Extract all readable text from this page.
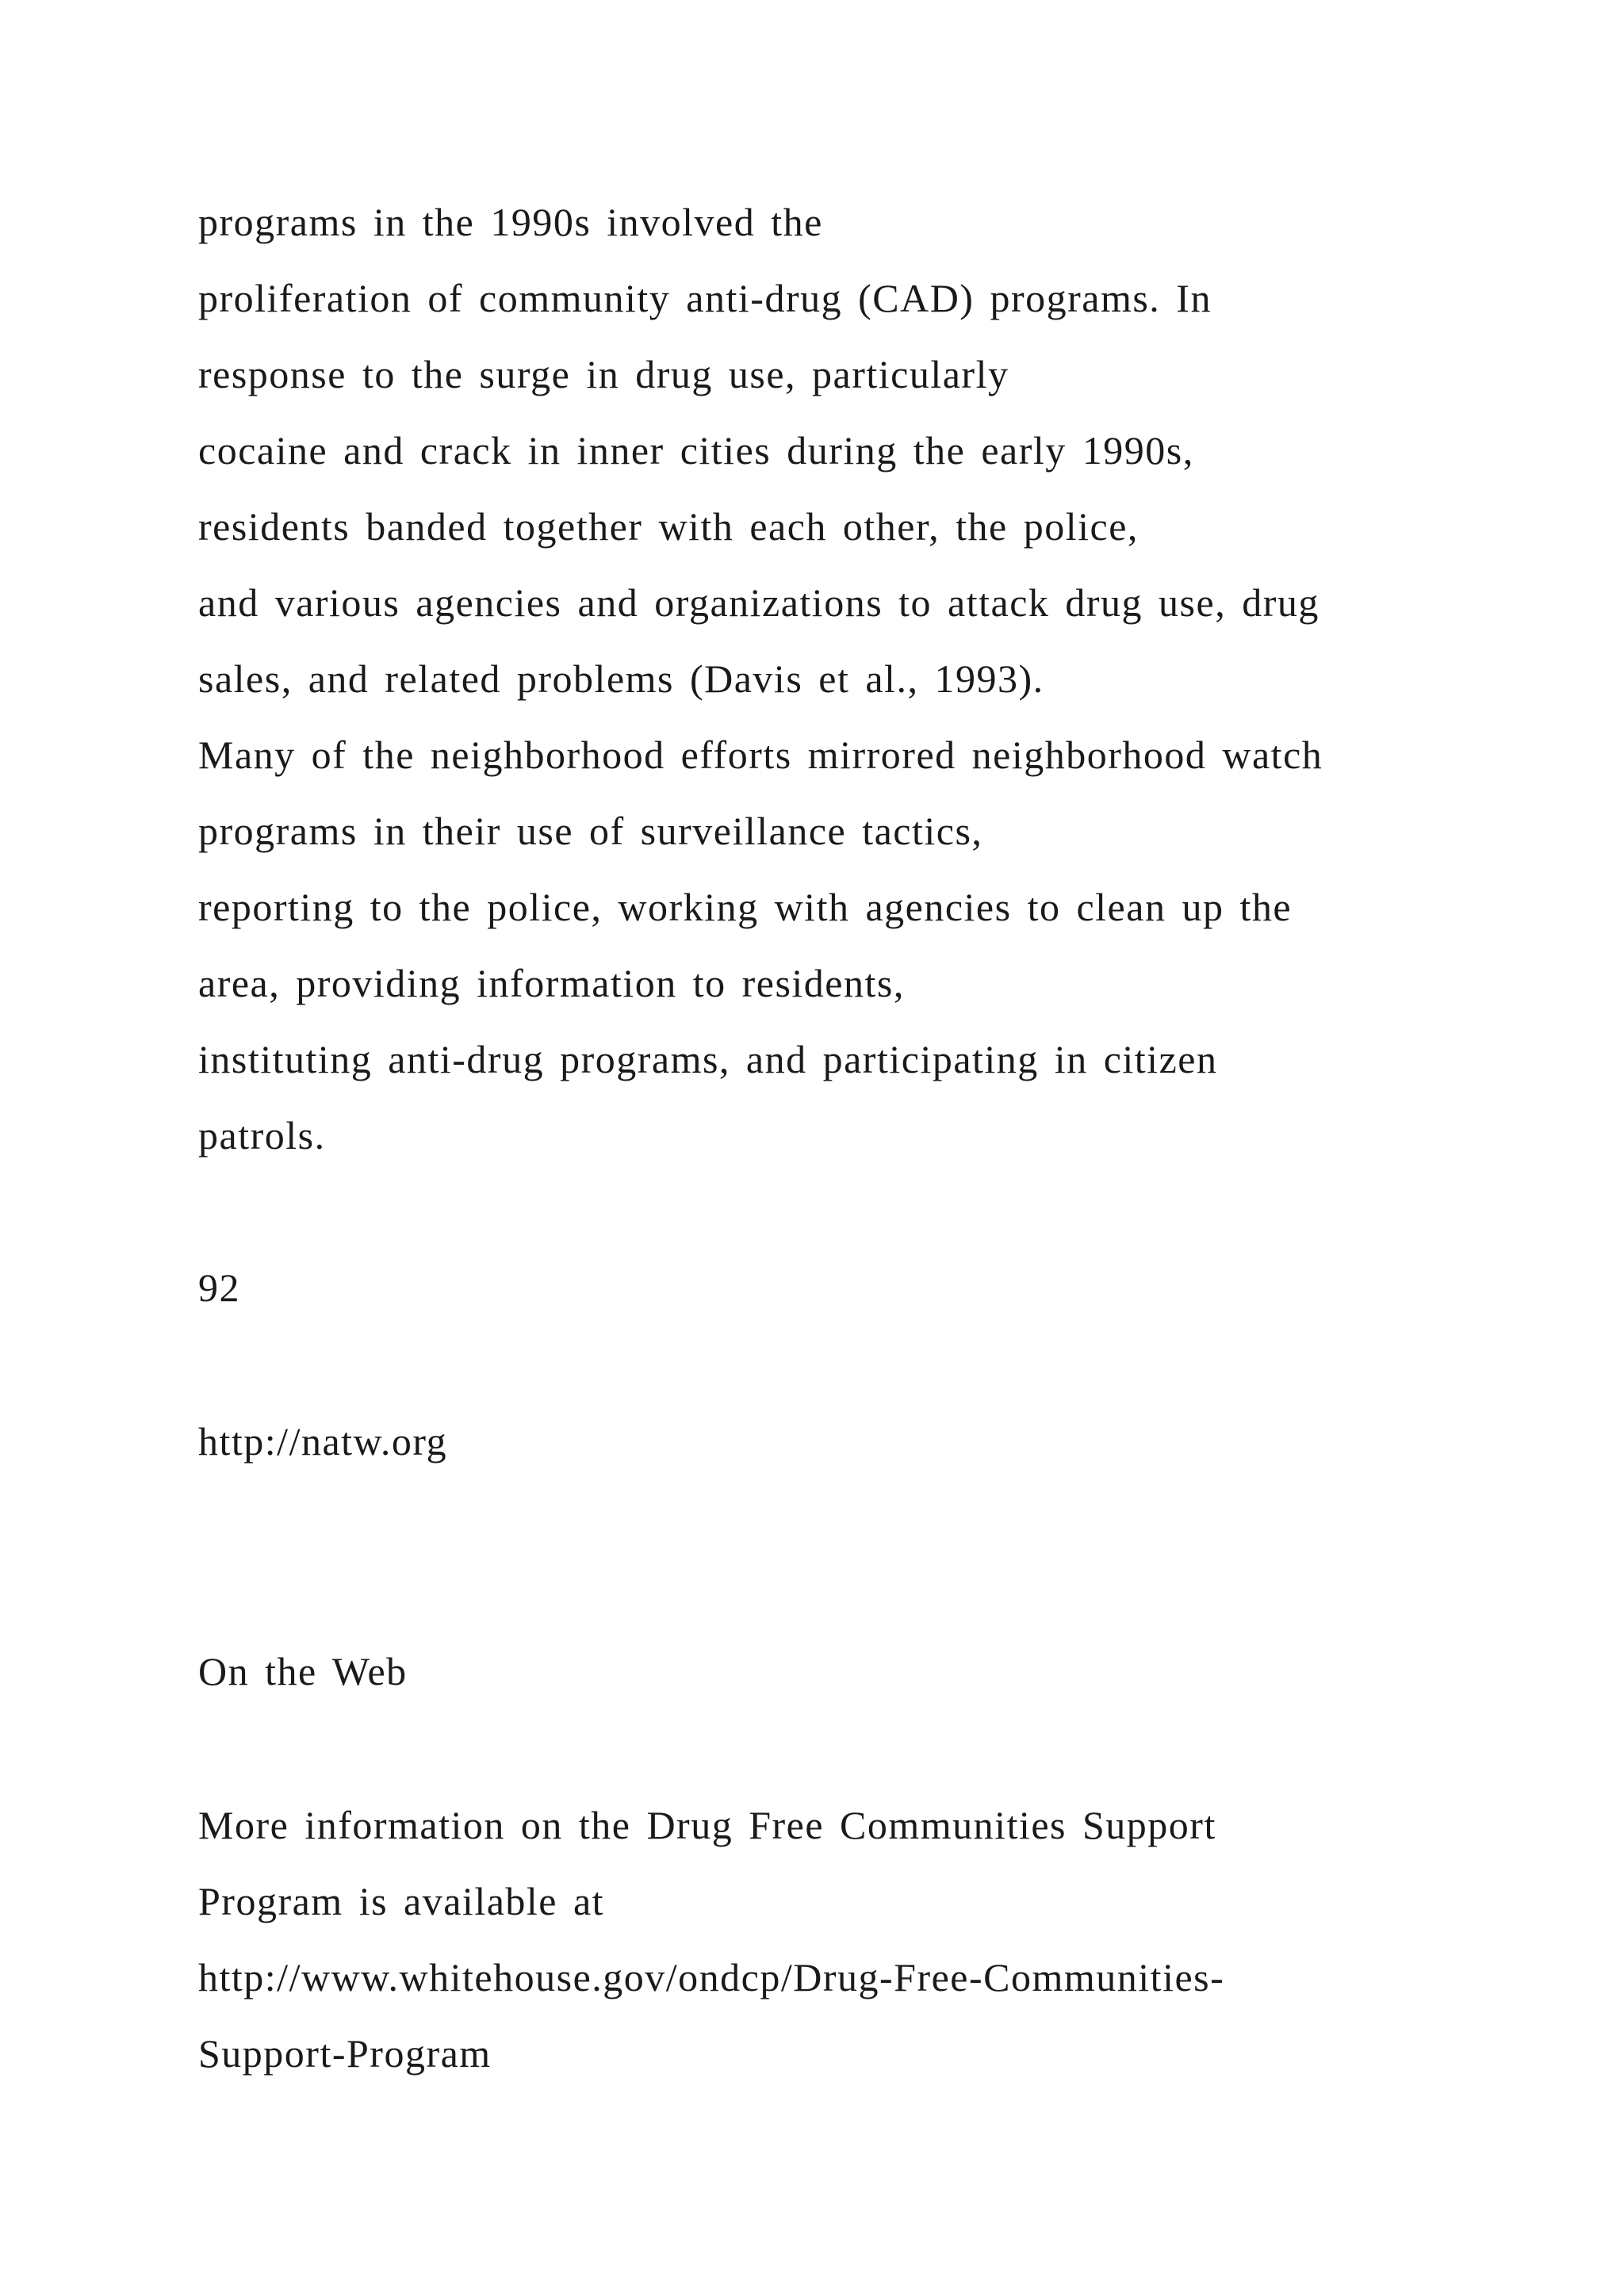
programs in the 1990s involved the

proliferation of community anti-drug (CAD) programs. In

response to the surge in drug use, particularly

cocaine and crack in inner cities during the early 1990s,

residents banded together with each other, the police,

and various agencies and organizations to attack drug use, drug

sales, and related problems (Davis et al., 1993).

Many of the neighborhood efforts mirrored neighborhood watch

programs in their use of surveillance tactics,

reporting to the police, working with agencies to clean up the

area, providing information to residents,

instituting anti-drug programs, and participating in citizen

patrols.

92

http://natw.org

On the Web

More information on the Drug Free Communities Support

Program is available at

http://www.whitehouse.gov/ondcp/Drug-Free-Communities-

Support-Program
